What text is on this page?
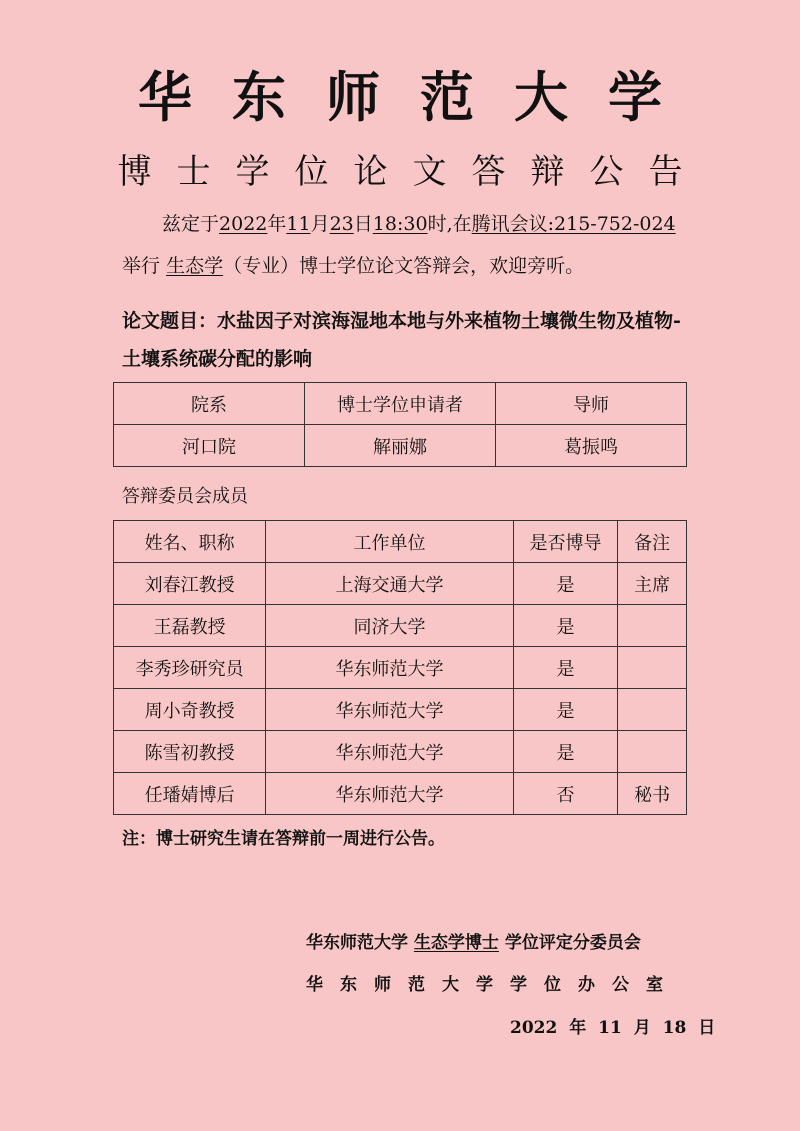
华东师范大学
博士学位论文答辩公告
兹定于2022年11月23日18:30时,在腾讯会议:215-752-024
举行 生态学（专业）博士学位论文答辩会，欢迎旁听。
论文题目：水盐因子对滨海湿地本地与外来植物土壤微生物及植物-土壤系统碳分配的影响
院系	博士学位申请者	导师
河口院	解丽娜	葛振鸣
答辩委员会成员
姓名、职称	工作单位	是否博导	备注
刘春江教授	上海交通大学	是	主席
王磊教授	同济大学	是	
李秀珍研究员	华东师范大学	是	
周小奇教授	华东师范大学	是	
陈雪初教授	华东师范大学	是	
任璠婧博后	华东师范大学	否	秘书
注：博士研究生请在答辩前一周进行公告。
华东师范大学 生态学博士 学位评定分委员会
华东师范大学学位办公室
2022 年 11 月 18 日
